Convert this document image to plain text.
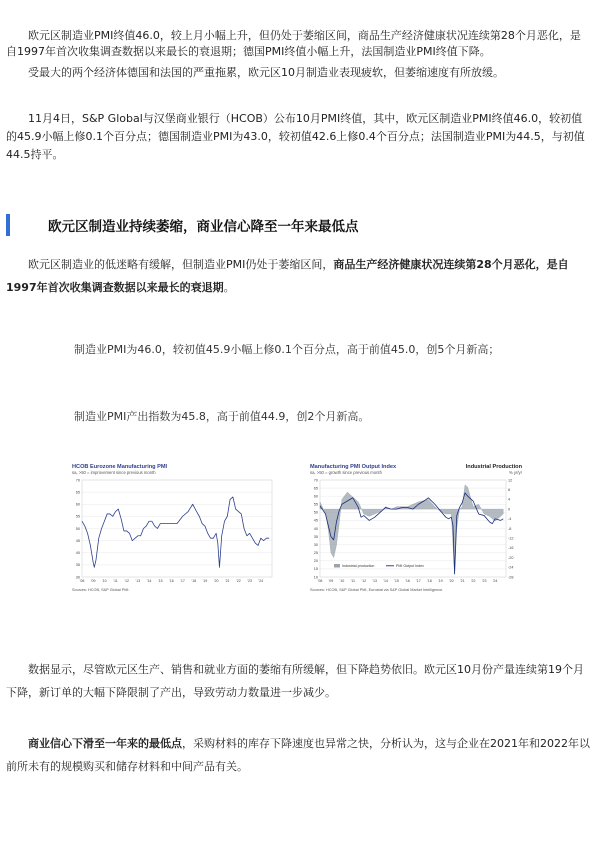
欧元区制造业PMI终值46.0，较上月小幅上升，但仍处于萎缩区间，商品生产经济健康状况连续第28个月恶化，是自1997年首次收集调查数据以来最长的衰退期；德国PMI终值小幅上升，法国制造业PMI终值下降。

受最大的两个经济体德国和法国的严重拖累，欧元区10月制造业表现疲软，但萎缩速度有所放缓。

11月4日，S&P Global与汉堡商业银行（HCOB）公布10月PMI终值，其中，欧元区制造业PMI终值46.0，较初值的45.9小幅上修0.1个百分点；德国制造业PMI为43.0，较初值42.6上修0.4个百分点；法国制造业PMI为44.5，与初值44.5持平。

欧元区制造业持续萎缩，商业信心降至一年来最低点

欧元区制造业的低迷略有缓解，但制造业PMI仍处于萎缩区间，商品生产经济健康状况连续第28个月恶化，是自1997年首次收集调查数据以来最长的衰退期。

制造业PMI为46.0，较初值45.9小幅上修0.1个百分点，高于前值45.0，创5个月新高；

制造业PMI产出指数为45.8，高于前值44.9，创2个月新高。

HCOB Eurozone Manufacturing PMI
sa, >50 = improvement since previous month
70
65
60
55
50
45
40
35
30
'08 '09 '10 '11 '12 '13 '14 '15 '16 '17 '18 '19 '20 '21 '22 '23 '24
Sources: HCOB, S&P Global PMI.
Manufacturing PMI Output Index
sa, >50 = growth since previous month
Industrial Production
% yr/yr
70
65
60
55
50
45
40
35
30
25
20
15
10
12
8
4
0
-4
-8
-12
-16
-20
-24
-28
'08 '09 '10 '11 '12 '13 '14 '15 '16 '17 '18 '19 '20 '21 '22 '23 '24
Industrial production	PMI Output Index
Sources: HCOB, S&P Global PMI, Eurostat via S&P Global Market Intelligence.

数据显示，尽管欧元区生产、销售和就业方面的萎缩有所缓解，但下降趋势依旧。欧元区10月份产量连续第19个月下降，新订单的大幅下降限制了产出，导致劳动力数量进一步减少。

商业信心下滑至一年来的最低点，采购材料的库存下降速度也异常之快，分析认为，这与企业在2021年和2022年以前所未有的规模购买和储存材料和中间产品有关。
